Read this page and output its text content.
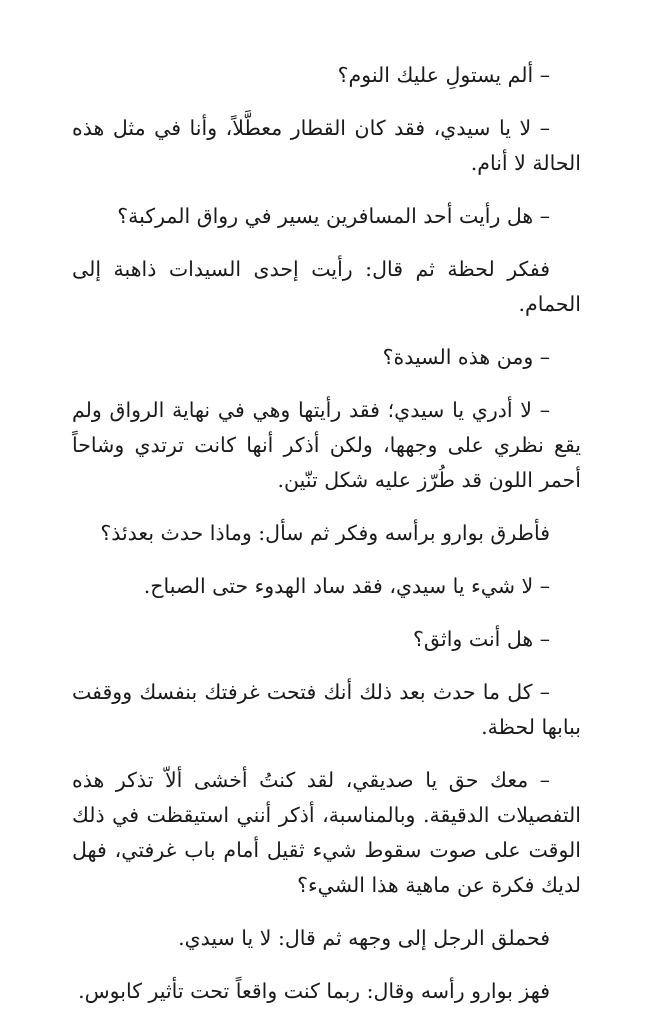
– ألم يستولِ عليك النوم؟

– لا يا سيدي، فقد كان القطار معطَّلاً، وأنا في مثل هذه الحالة لا أنام.

– هل رأيت أحد المسافرين يسير في رواق المركبة؟

ففكر لحظة ثم قال: رأيت إحدى السيدات ذاهبة إلى الحمام.

– ومن هذه السيدة؟

– لا أدري يا سيدي؛ فقد رأيتها وهي في نهاية الرواق ولم يقع نظري على وجهها، ولكن أذكر أنها كانت ترتدي وشاحاً أحمر اللون قد طُرّز عليه شكل تنّين.

فأطرق بوارو برأسه وفكر ثم سأل: وماذا حدث بعدئذ؟

– لا شيء يا سيدي، فقد ساد الهدوء حتى الصباح.

– هل أنت واثق؟

– كل ما حدث بعد ذلك أنك فتحت غرفتك بنفسك ووقفت ببابها لحظة.

– معك حق يا صديقي، لقد كنتُ أخشى ألاّ تذكر هذه التفصيلات الدقيقة. وبالمناسبة، أذكر أنني استيقظت في ذلك الوقت على صوت سقوط شيء ثقيل أمام باب غرفتي، فهل لديك فكرة عن ماهية هذا الشيء؟

فحملق الرجل إلى وجهه ثم قال: لا يا سيدي.

فهز بوارو رأسه وقال: ربما كنت واقعاً تحت تأثير كابوس.
